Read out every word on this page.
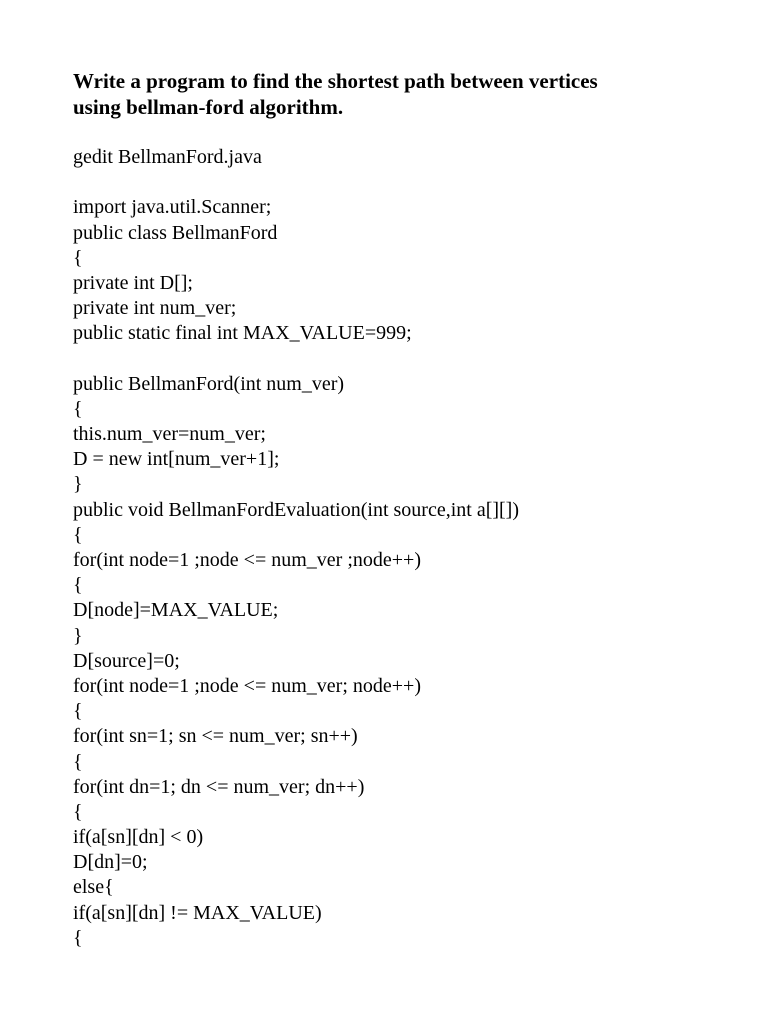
Write a program to find the shortest path between vertices
using bellman-ford algorithm.
gedit BellmanFord.java
import java.util.Scanner;
public class BellmanFord
{
private int D[];
private int num_ver;
public static final int MAX_VALUE=999;
public BellmanFord(int num_ver)
{
this.num_ver=num_ver;
D = new int[num_ver+1];
}
public void BellmanFordEvaluation(int source,int a[][])
{
for(int node=1 ;node <= num_ver ;node++)
{
D[node]=MAX_VALUE;
}
D[source]=0;
for(int node=1 ;node <= num_ver; node++)
{
for(int sn=1; sn <= num_ver; sn++)
{
for(int dn=1; dn <= num_ver; dn++)
{
if(a[sn][dn] < 0)
D[dn]=0;
else{
if(a[sn][dn] != MAX_VALUE)
{
